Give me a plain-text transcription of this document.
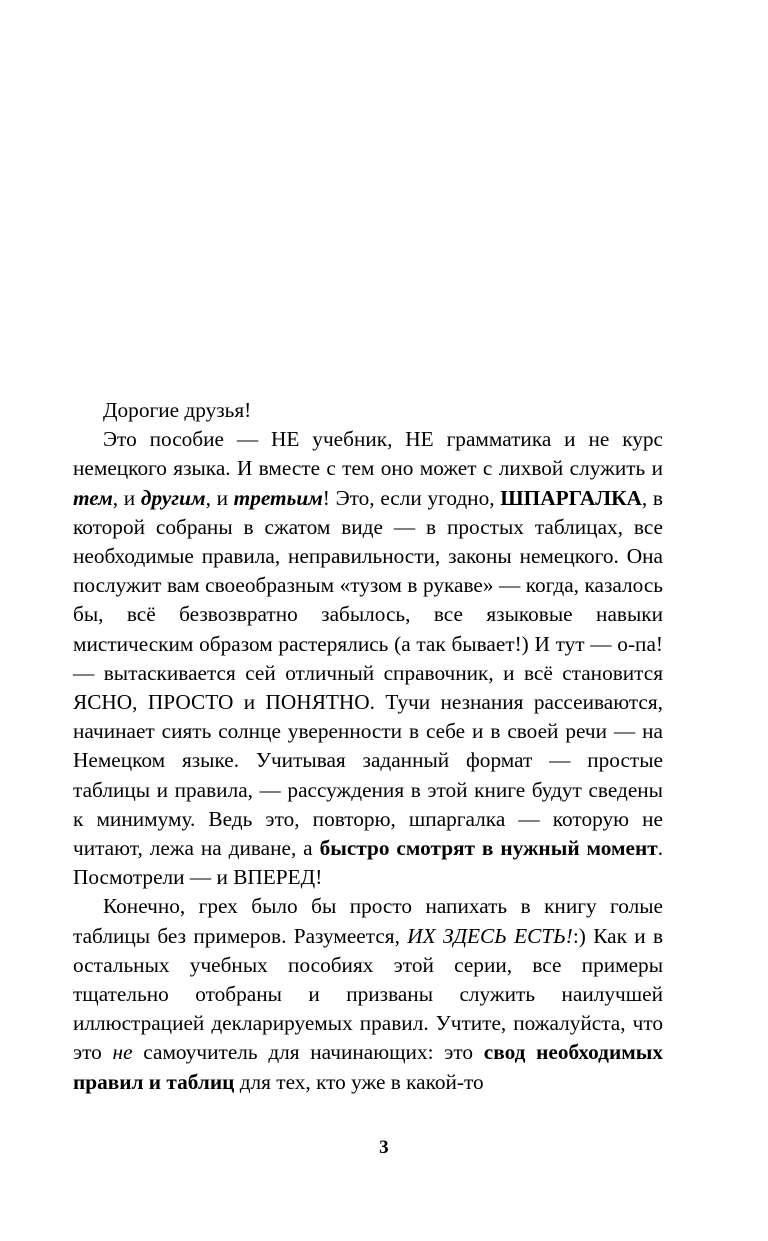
Дорогие друзья!

Это пособие — НЕ учебник, НЕ грамматика и не курс немецкого языка. И вместе с тем оно может с лихвой служить и тем, и другим, и третьим! Это, если угодно, ШПАРГАЛКА, в которой собраны в сжатом виде — в простых таблицах, все необходимые правила, неправильности, законы немецкого. Она послужит вам своеобразным «тузом в рукаве» — когда, казалось бы, всё безвозвратно забылось, все языковые навыки мистическим образом растерялись (а так бывает!) И тут — о-па! — вытаскивается сей отличный справочник, и всё становится ЯСНО, ПРОСТО и ПОНЯТНО. Тучи незнания рассеиваются, начинает сиять солнце уверенности в себе и в своей речи — на Немецком языке. Учитывая заданный формат — простые таблицы и правила, — рассуждения в этой книге будут сведены к минимуму. Ведь это, повторю, шпаргалка — которую не читают, лежа на диване, а быстро смотрят в нужный момент. Посмотрели — и ВПЕРЕД!

Конечно, грех было бы просто напихать в книгу голые таблицы без примеров. Разумеется, ИХ ЗДЕСЬ ЕСТЬ!:) Как и в остальных учебных пособиях этой серии, все примеры тщательно отобраны и призваны служить наилучшей иллюстрацией декларируемых правил. Учтите, пожалуйста, что это не самоучитель для начинающих: это свод необходимых правил и таблиц для тех, кто уже в какой-то

3
